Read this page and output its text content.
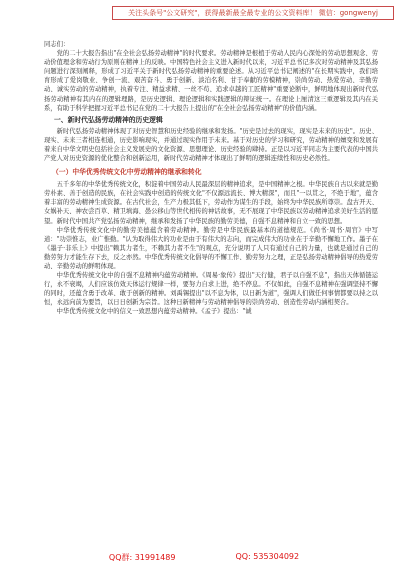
关注头条号"公文研究"，获得最新最全最专业的公文资料库！ 微信：gongwenyj

同志们：

党的二十大报告指出"在全社会弘扬劳动精神"的时代要求。劳动精神是根植于劳动人民内心深处的劳动思想观念、劳动价值理念和劳动行为原则在精神上的反映。中国特色社会主义进入新时代以来，习近平总书记多次对劳动精神及其弘扬问题进行深刻阐释，形成了习近平关于新时代弘扬劳动精神的重要论述。从习近平总书记阐述的"在长期实践中，我们培育形成了爱岗敬业、争创一流、艰苦奋斗、勇于创新、淡泊名利、甘于奉献的劳模精神，崇尚劳动、热爱劳动、辛勤劳动、诚实劳动的劳动精神，执着专注、精益求精、一丝不苟、追求卓越的工匠精神"重要论断中，鲜明地体现出新时代弘扬劳动精神有其内在的逻辑理路，是历史逻辑、理论逻辑和实践逻辑的辩证统一。在理论上厘清这三重逻辑及其内在关系，有助于科学把握习近平总书记在党的二十大报告上提出的"在全社会弘扬劳动精神"的价值内涵。

一、新时代弘扬劳动精神的历史逻辑

新时代弘扬劳动精神体现了对历史智慧和历史经验的继承和发扬。"历史是过去的现实，现实是未来的历史"。历史、现实、未来三者相连相通，历史影响现实，并通过现实作用于未来。基于对历史的学习和研究，劳动精神的嬗变和发展有着来自中华文明史包括社会主义发展史的文化资源、思想理论、历史经验的肆持。正是以习近平同志为主要代表的中国共产党人对历史资源的优化整合和创新运用，新时代劳动精神才体现出了鲜明的逻辑连续性和历史必然性。

（一）中华优秀传统文化中劳动精神的继承和转化

五千多年的中华优秀传统文化，积淀着中国劳动人民最深层的精神追求，是中国精神之根。中华民族自古以来就是勤劳朴素、善于创造的民族，在社会实践中创造的传统文化"不仅源远流长、博大精深"，而且"一以贯之，不绝于地"，蕴含着丰富的劳动精神生成资源。在古代社会，生产力极其低下，劳动作为谋生的手段，始终为中华民族所尊崇。盘古开天、女娲补天、神农尝百草、精卫填海、愚公移山等世代相传的神话故事，无不展现了中华民族以劳动精神追求美好生活的愿望。新时代中国共产党弘扬劳动精神，继承和发扬了中华民族的勤劳美德，自强不息精神和自立一致的思想。

中华优秀传统文化中的勤劳美德蕴含着劳动精神。勤劳是中华民族最基本的道德规范。《尚书·周书·周官》中写道："功崇惟志，业广惟勤。"认为取得伟大的功业是由于有伟大的志向，而完成伟大的功业在于辛勤不懈地工作。墨子在《墨子·非乐上》中提出"赖其力者生，不赖其力者不生"的观点，充分说明了人只有通过自己的力量，也就是通过自己的勤劳努力才能生存下去，反之亦然。中华优秀传统文化倡导的不懈工作、勤劳努力之理，正是弘扬劳动精神倡导的热爱劳动、辛勤劳动的鲜明体现。

中华优秀传统文化中的自强不息精神内蕴劳动精神。《周易·象传》提出"天行健，君子以自强不息"，指出天体循链运行，永不衰竭，人们应该仿效天体运行规律一样，要努力自求上进，绝不停息。不仅如此，自强不息精神在强调坚持不懈的同时，还蕴含勇于改革、敢于创新的精神。刘禹锡提出"以不息为体，以日新为道"，强调人们做任何事情都要以持之以恒，永远向前为要旨，以日日创新为宗旨。这种日新精神与劳动精神倡导的崇尚劳动、创造性劳动内涵相契合。

中华优秀传统文化中的信义一致思想内蕴劳动精神。《孟子》提出："诚

QQ群: 31991489	QQ: 535304092
